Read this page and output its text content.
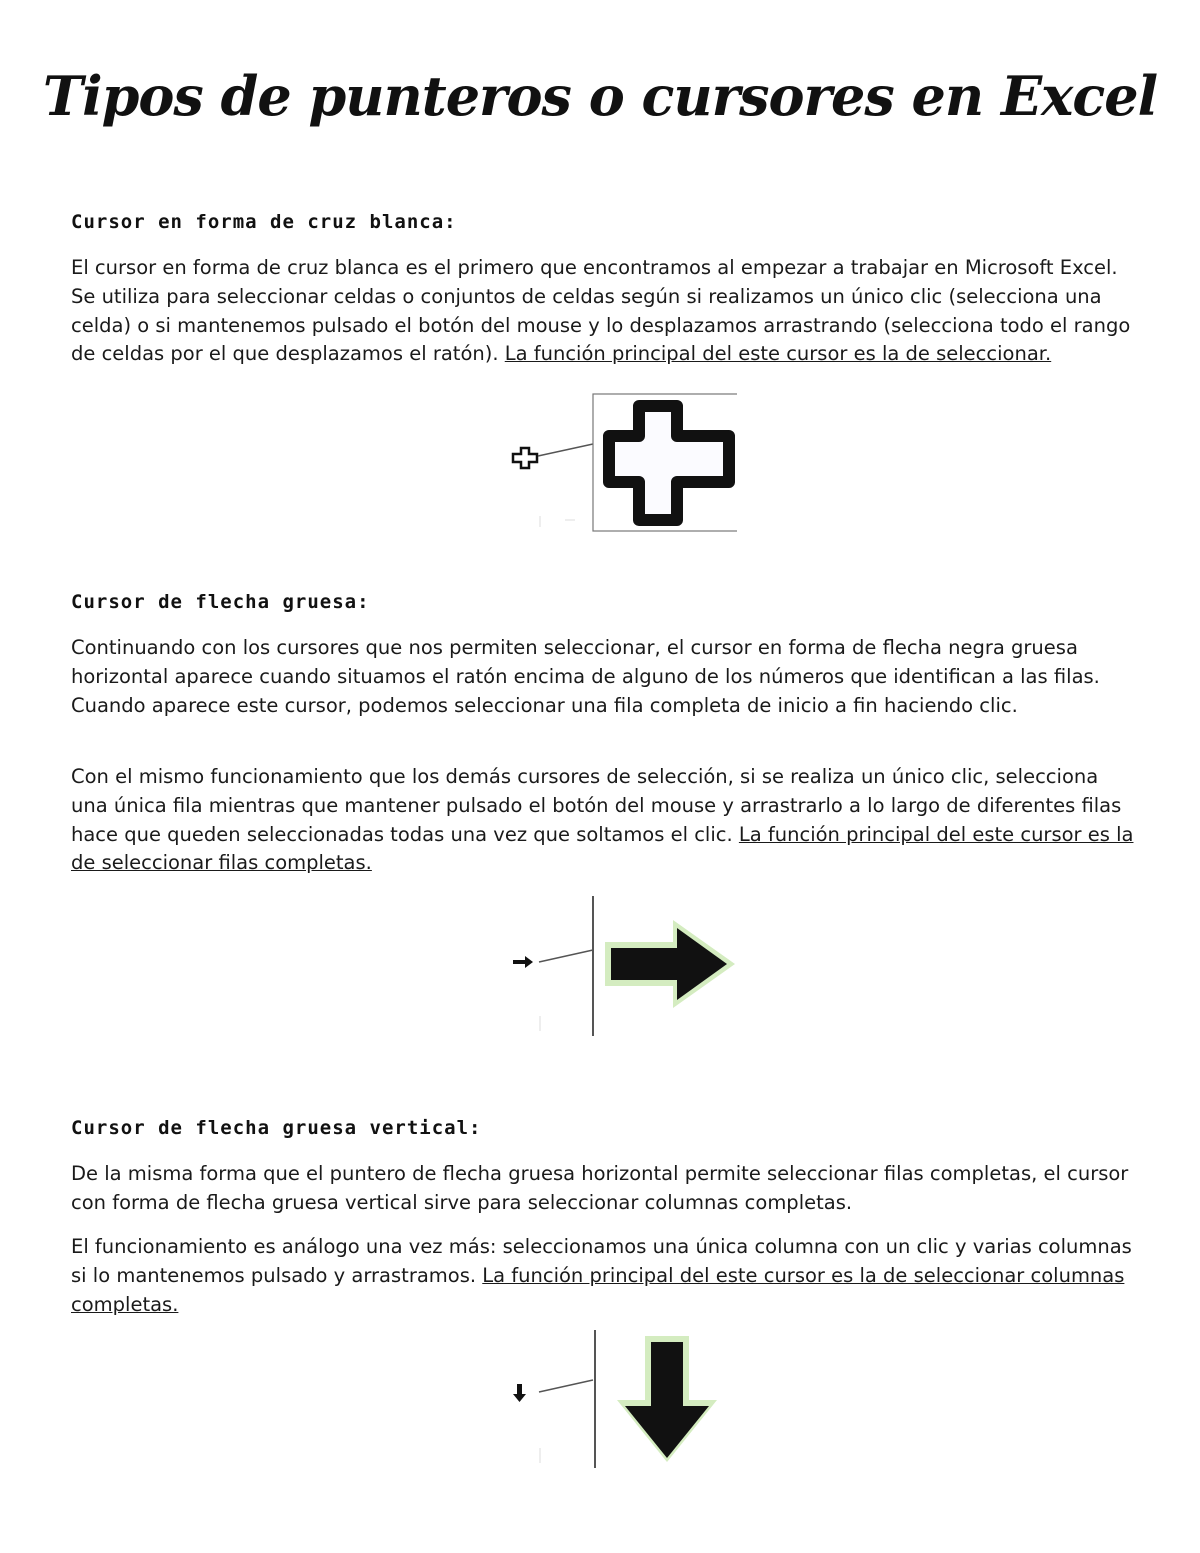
Tipos de punteros o cursores en Excel
Cursor en forma de cruz blanca:

El cursor en forma de cruz blanca es el primero que encontramos al empezar a trabajar en Microsoft Excel. Se utiliza para seleccionar celdas o conjuntos de celdas según si realizamos un único clic (selecciona una celda) o si mantenemos pulsado el botón del mouse y lo desplazamos arrastrando (selecciona todo el rango de celdas por el que desplazamos el ratón). La función principal del este cursor es la de seleccionar.

Cursor de flecha gruesa:

Continuando con los cursores que nos permiten seleccionar, el cursor en forma de flecha negra gruesa horizontal aparece cuando situamos el ratón encima de alguno de los números que identifican a las filas. Cuando aparece este cursor, podemos seleccionar una fila completa de inicio a fin haciendo clic.

Con el mismo funcionamiento que los demás cursores de selección, si se realiza un único clic, selecciona una única fila mientras que mantener pulsado el botón del mouse y arrastrarlo a lo largo de diferentes filas hace que queden seleccionadas todas una vez que soltamos el clic. La función principal del este cursor es la de seleccionar filas completas.

Cursor de flecha gruesa vertical:

De la misma forma que el puntero de flecha gruesa horizontal permite seleccionar filas completas, el cursor con forma de flecha gruesa vertical sirve para seleccionar columnas completas.

El funcionamiento es análogo una vez más: seleccionamos una única columna con un clic y varias columnas si lo mantenemos pulsado y arrastramos. La función principal del este cursor es la de seleccionar columnas completas.
